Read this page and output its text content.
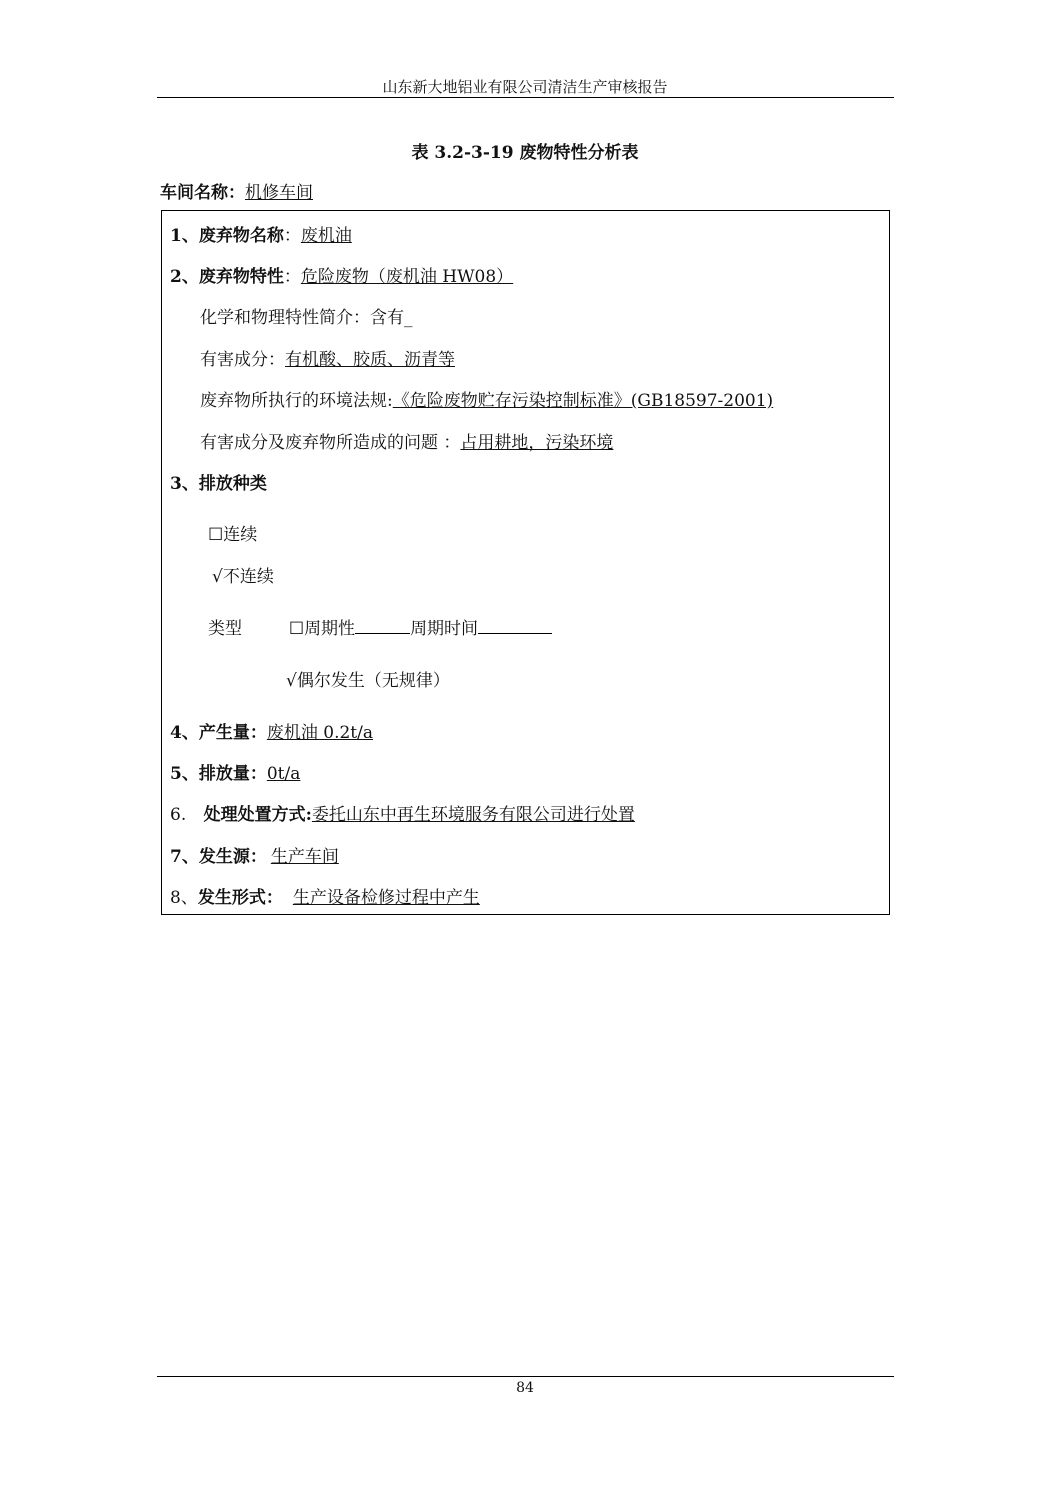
山东新大地铝业有限公司清洁生产审核报告
表 3.2-3-19 废物特性分析表
车间名称：机修车间
1、废弃物名称：废机油
2、废弃物特性：危险废物（废机油 HW08）
化学和物理特性简介：含有_
有害成分：有机酸、胶质、沥青等
废弃物所执行的环境法规:《危险废物贮存污染控制标准》(GB18597-2001)
有害成分及废弃物所造成的问题 ：占用耕地，污染环境
3、排放种类
☐连续
√不连续
类型	☐周期性	周期时间
√偶尔发生（无规律）
4、产生量：废机油 0.2t/a
5、排放量：0t/a
6. 处理处置方式:委托山东中再生环境服务有限公司进行处置
7、发生源： 生产车间
8、发生形式： 生产设备检修过程中产生
84
